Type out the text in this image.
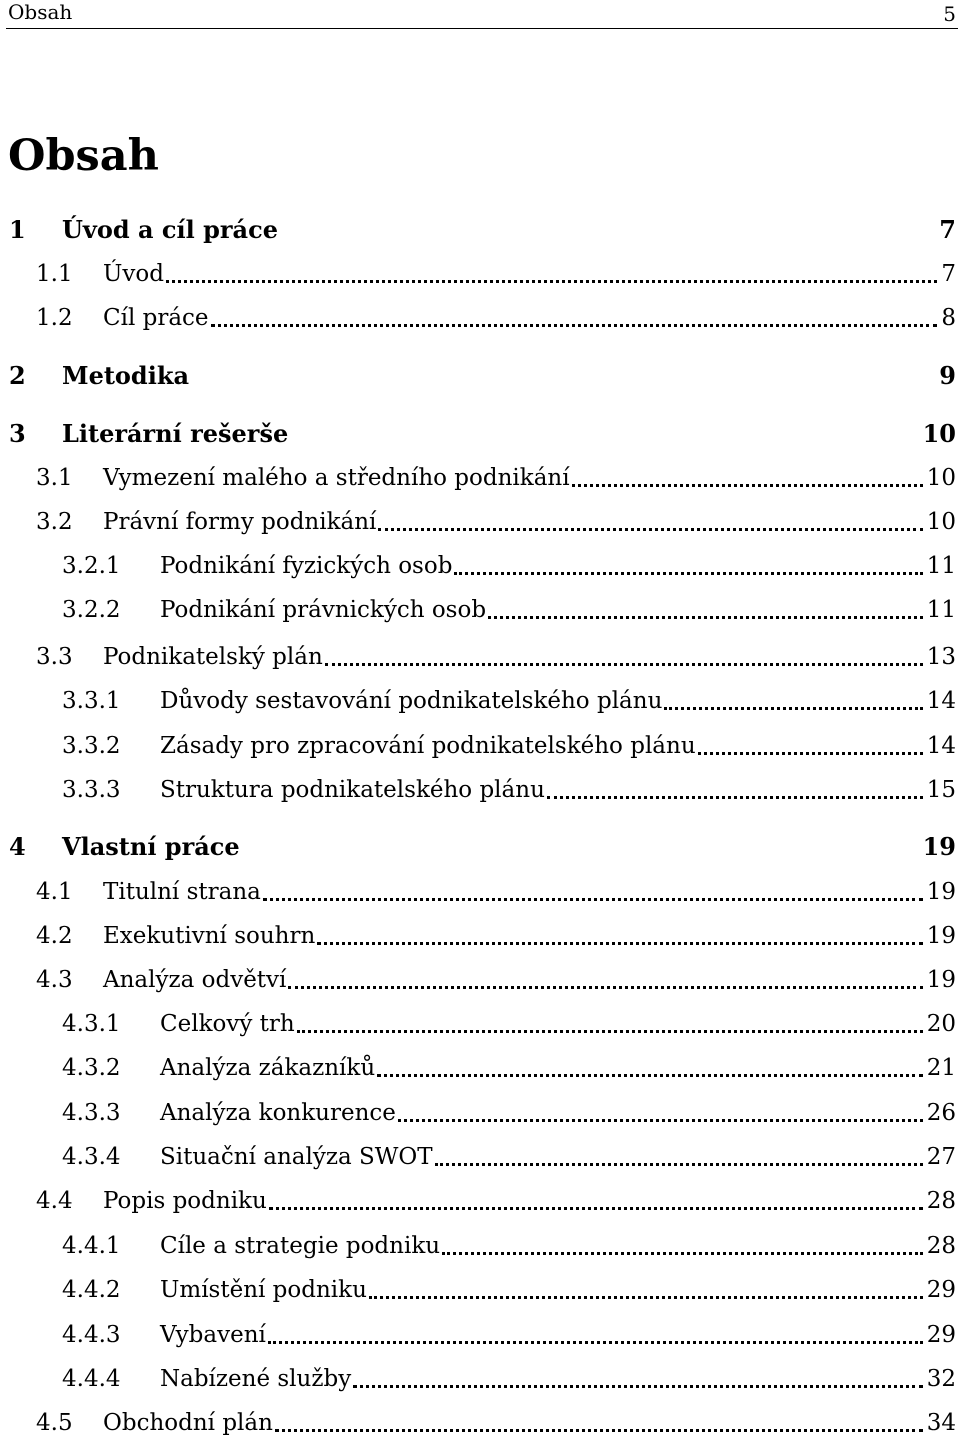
Obsah	5
Obsah
1 Úvod a cíl práce	7
1.1 Úvod	7
1.2 Cíl práce	8
2 Metodika	9
3 Literární rešerše	10
3.1 Vymezení malého a středního podnikání	10
3.2 Právní formy podnikání	10
3.2.1 Podnikání fyzických osob	11
3.2.2 Podnikání právnických osob	11
3.3 Podnikatelský plán	13
3.3.1 Důvody sestavování podnikatelského plánu	14
3.3.2 Zásady pro zpracování podnikatelského plánu	14
3.3.3 Struktura podnikatelského plánu	15
4 Vlastní práce	19
4.1 Titulní strana	19
4.2 Exekutivní souhrn	19
4.3 Analýza odvětví	19
4.3.1 Celkový trh	20
4.3.2 Analýza zákazníků	21
4.3.3 Analýza konkurence	26
4.3.4 Situační analýza SWOT	27
4.4 Popis podniku	28
4.4.1 Cíle a strategie podniku	28
4.4.2 Umístění podniku	29
4.4.3 Vybavení	29
4.4.4 Nabízené služby	32
4.5 Obchodní plán	34
